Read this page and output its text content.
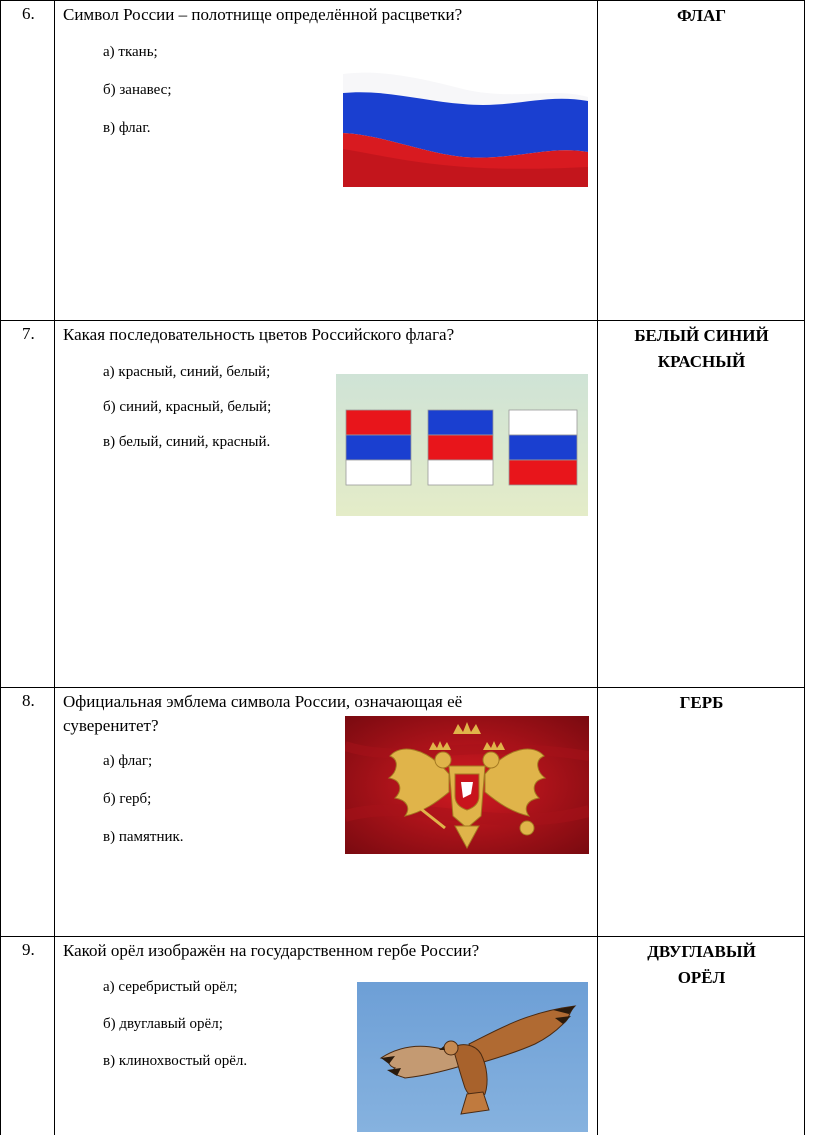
6. Символ России – полотнище определённой расцветки?
а) ткань;
б) занавес;
в) флаг.
ФЛАГ
7. Какая последовательность цветов Российского флага?
а) красный, синий, белый;
б) синий, красный, белый;
в) белый, синий, красный.
БЕЛЫЙ СИНИЙ
КРАСНЫЙ
8. Официальная эмблема символа России, означающая её
суверенитет?
а) флаг;
б) герб;
в) памятник.
ГЕРБ
9. Какой орёл изображён на государственном гербе России?
а) серебристый орёл;
б) двуглавый орёл;
в) клинохвостый орёл.
ДВУГЛАВЫЙ
ОРЁЛ
